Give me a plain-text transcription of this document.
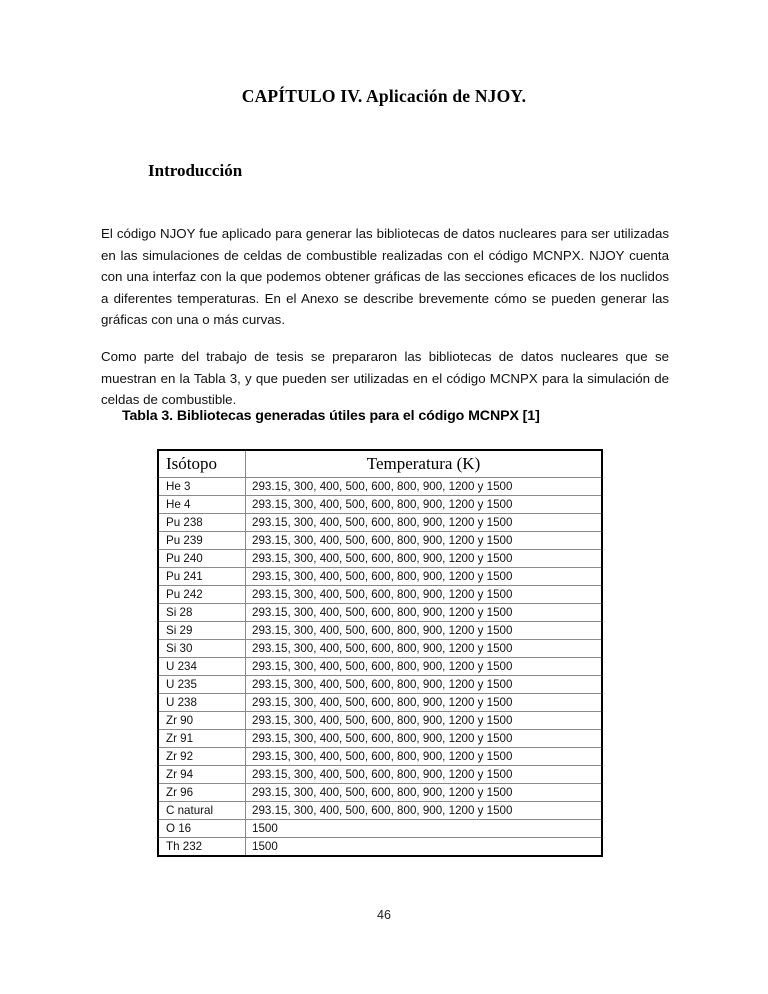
CAPÍTULO IV. Aplicación de NJOY.
Introducción

El código NJOY fue aplicado para generar las bibliotecas de datos nucleares para ser utilizadas en las simulaciones de celdas de combustible realizadas con el código MCNPX. NJOY cuenta con una interfaz con la que podemos obtener gráficas de las secciones eficaces de los nuclidos a diferentes temperaturas. En el Anexo se describe brevemente cómo se pueden generar las gráficas con una o más curvas.

Como parte del trabajo de tesis se prepararon las bibliotecas de datos nucleares que se muestran en la Tabla 3, y que pueden ser utilizadas en el código MCNPX para la simulación de celdas de combustible.

Tabla 3. Bibliotecas generadas útiles para el código MCNPX [1]
Isótopo	Temperatura (K)
He 3	293.15, 300, 400, 500, 600, 800, 900, 1200 y 1500
He 4	293.15, 300, 400, 500, 600, 800, 900, 1200 y 1500
Pu 238	293.15, 300, 400, 500, 600, 800, 900, 1200 y 1500
Pu 239	293.15, 300, 400, 500, 600, 800, 900, 1200 y 1500
Pu 240	293.15, 300, 400, 500, 600, 800, 900, 1200 y 1500
Pu 241	293.15, 300, 400, 500, 600, 800, 900, 1200 y 1500
Pu 242	293.15, 300, 400, 500, 600, 800, 900, 1200 y 1500
Si 28	293.15, 300, 400, 500, 600, 800, 900, 1200 y 1500
Si 29	293.15, 300, 400, 500, 600, 800, 900, 1200 y 1500
Si 30	293.15, 300, 400, 500, 600, 800, 900, 1200 y 1500
U 234	293.15, 300, 400, 500, 600, 800, 900, 1200 y 1500
U 235	293.15, 300, 400, 500, 600, 800, 900, 1200 y 1500
U 238	293.15, 300, 400, 500, 600, 800, 900, 1200 y 1500
Zr 90	293.15, 300, 400, 500, 600, 800, 900, 1200 y 1500
Zr 91	293.15, 300, 400, 500, 600, 800, 900, 1200 y 1500
Zr 92	293.15, 300, 400, 500, 600, 800, 900, 1200 y 1500
Zr 94	293.15, 300, 400, 500, 600, 800, 900, 1200 y 1500
Zr 96	293.15, 300, 400, 500, 600, 800, 900, 1200 y 1500
C natural	293.15, 300, 400, 500, 600, 800, 900, 1200 y 1500
O 16	1500
Th 232	1500
46
